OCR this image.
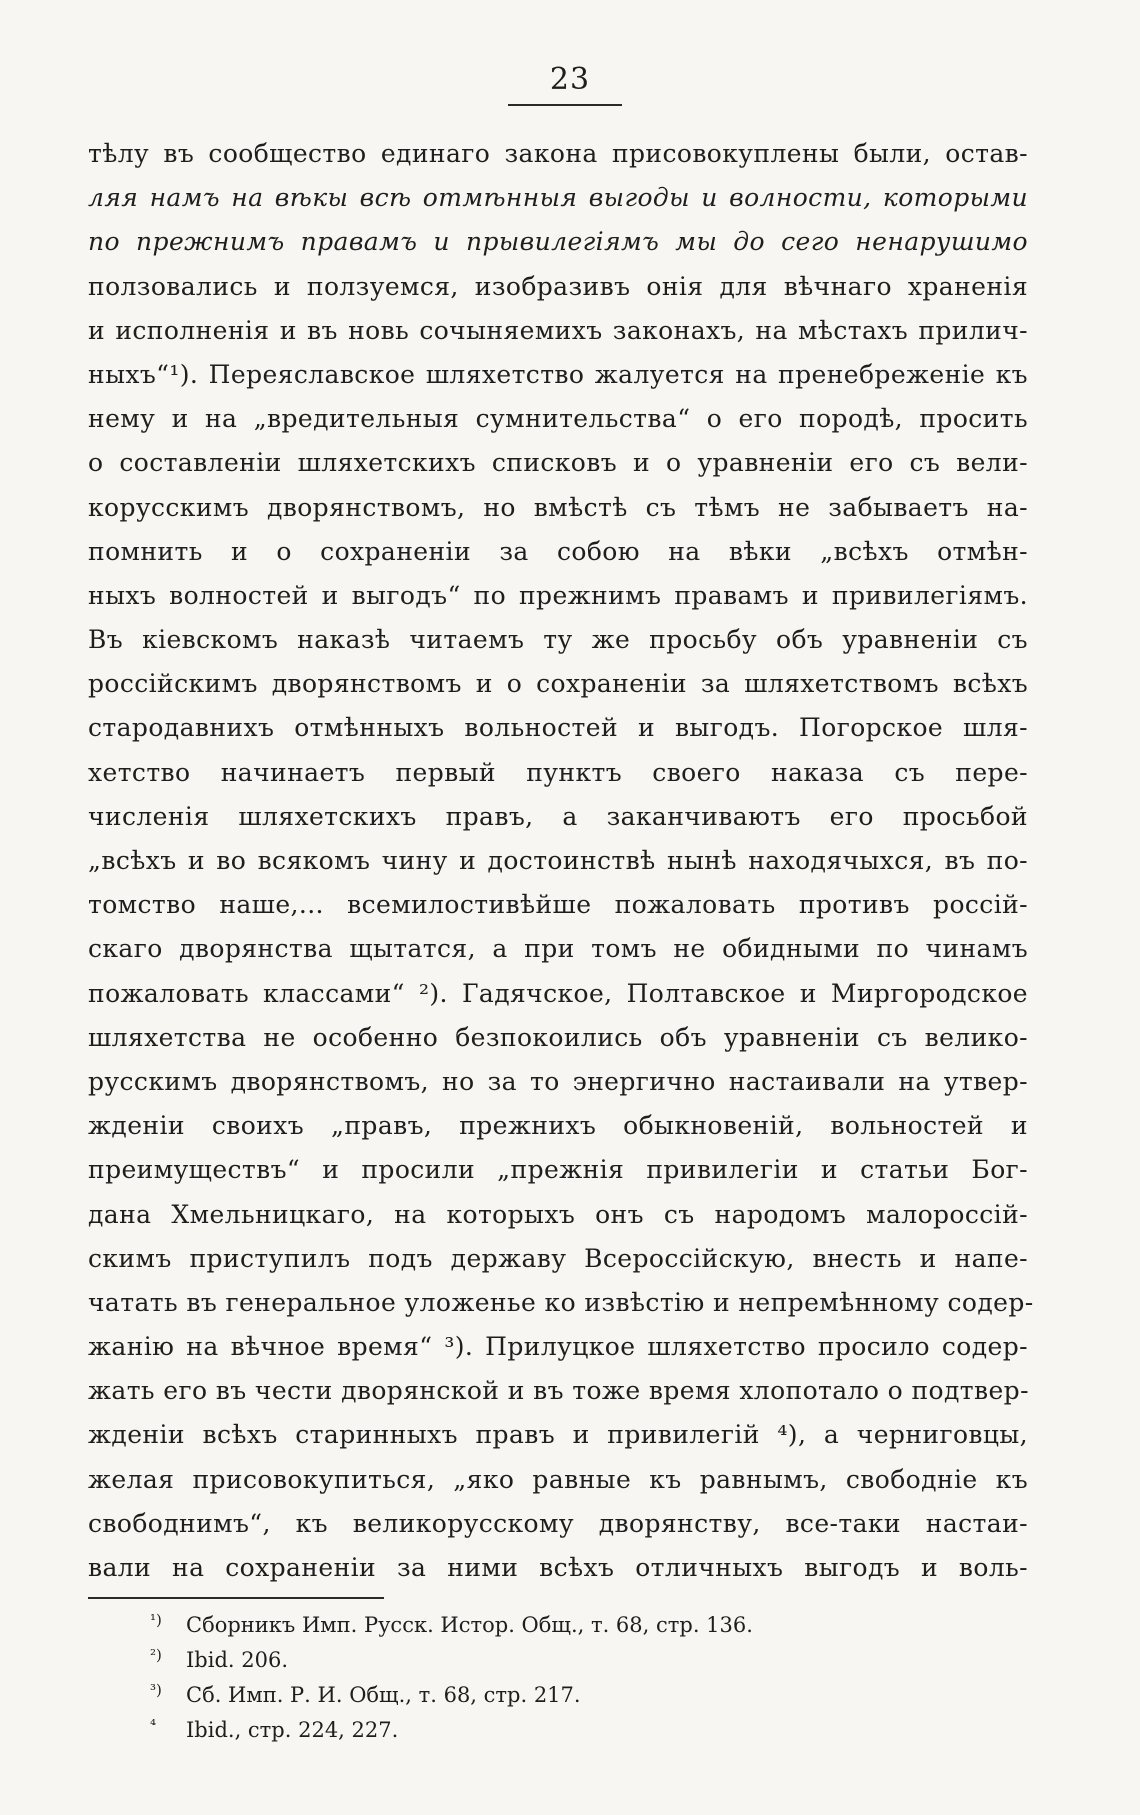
23
тѣлу въ сообщество единаго закона присовокуплены были, остав-
ляя намъ на вѣкы всѣ отмѣнныя выгоды и волности, которыми
по прежнимъ правамъ и прывилегіямъ мы до сего ненарушимо
ползовались и ползуемся, изобразивъ онія для вѣчнаго храненія
и исполненія и въ новь сочыняемихъ законахъ, на мѣстахъ прилич-
ныхъ“¹). Переяславское шляхетство жалуется на пренебреженіе къ
нему и на „вредительныя сумнительства“ о его породѣ, просить
о составленіи шляхетскихъ списковъ и о уравненіи его съ вели-
корусскимъ дворянствомъ, но вмѣстѣ съ тѣмъ не забываетъ на-
помнить и о сохраненіи за собою на вѣки „всѣхъ отмѣн-
ныхъ волностей и выгодъ“ по прежнимъ правамъ и привилегіямъ.
Въ кіевскомъ наказѣ читаемъ ту же просьбу объ уравненіи съ
россійскимъ дворянствомъ и о сохраненіи за шляхетствомъ всѣхъ
стародавнихъ отмѣнныхъ вольностей и выгодъ. Погорское шля-
хетство начинаетъ первый пунктъ своего наказа съ пере-
численія шляхетскихъ правъ, а заканчиваютъ его просьбой
„всѣхъ и во всякомъ чину и достоинствѣ нынѣ находячыхся, въ по-
томство наше,... всемилостивѣйше пожаловать противъ россій-
скаго дворянства щытатся, а при томъ не обидными по чинамъ
пожаловать классами“ ²). Гадячское, Полтавское и Миргородское
шляхетства не особенно безпокоились объ уравненіи съ велико-
русскимъ дворянствомъ, но за то энергично настаивали на утвер-
жденіи своихъ „правъ, прежнихъ обыкновеній, вольностей и
преимуществъ“ и просили „прежнія привилегіи и статьи Бог-
дана Хмельницкаго, на которыхъ онъ съ народомъ малороссій-
скимъ приступилъ подъ державу Всероссійскую, внесть и напе-
чатать въ генеральное уложенье ко извѣстію и непремѣнному содер-
жанію на вѣчное время“ ³). Прилуцкое шляхетство просило содер-
жать его въ чести дворянской и въ тоже время хлопотало о подтвер-
жденіи всѣхъ старинныхъ правъ и привилегій ⁴), а черниговцы,
желая присовокупиться, „яко равные къ равнымъ, свободніе къ
свободнимъ“, къ великорусскому дворянству, все-таки настаи-
вали на сохраненіи за ними всѣхъ отличныхъ выгодъ и воль-
¹) Сборникъ Имп. Русск. Истор. Общ., т. 68, стр. 136.
²) Ibid. 206.
³) Сб. Имп. Р. И. Общ., т. 68, стр. 217.
⁴ Ibid., стр. 224, 227.
